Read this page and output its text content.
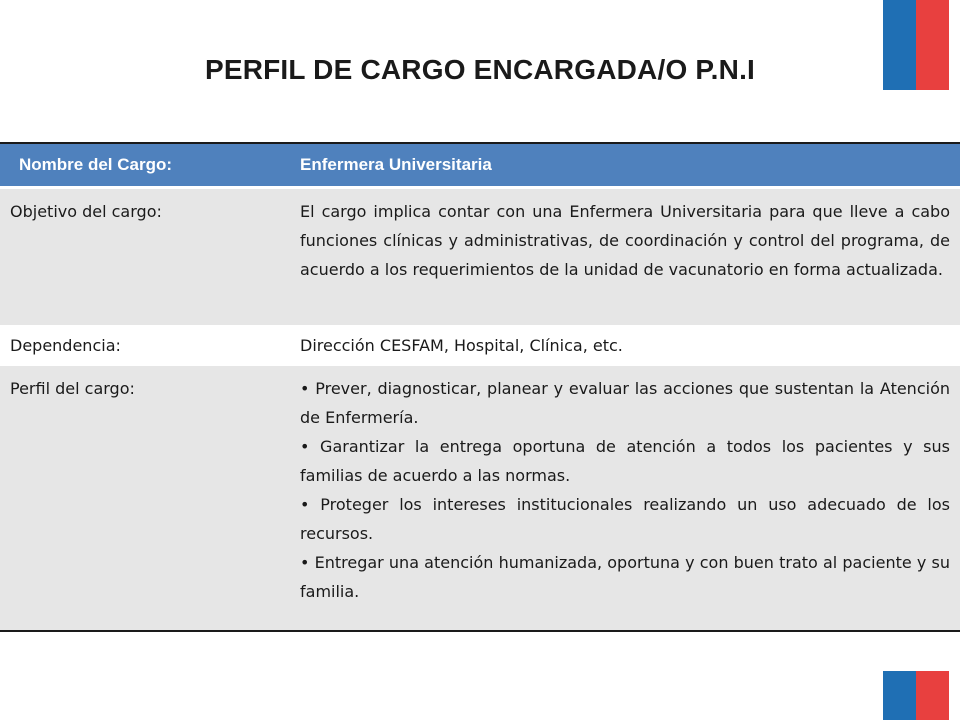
PERFIL DE CARGO ENCARGADA/O P.N.I
Nombre del Cargo:	Enfermera Universitaria
Objetivo del cargo:	El cargo implica contar con una Enfermera Universitaria para que lleve a cabo funciones clínicas y administrativas, de coordinación y control del programa, de acuerdo a los requerimientos de la unidad de vacunatorio en forma actualizada.
Dependencia:	Dirección CESFAM, Hospital, Clínica, etc.
Perfil del cargo:	• Prever, diagnosticar, planear y evaluar las acciones que sustentan la Atención de Enfermería.
• Garantizar la entrega oportuna de atención a todos los pacientes y sus familias de acuerdo a las normas.
• Proteger los intereses institucionales realizando un uso adecuado de los recursos.
• Entregar una atención humanizada, oportuna y con buen trato al paciente y su familia.
